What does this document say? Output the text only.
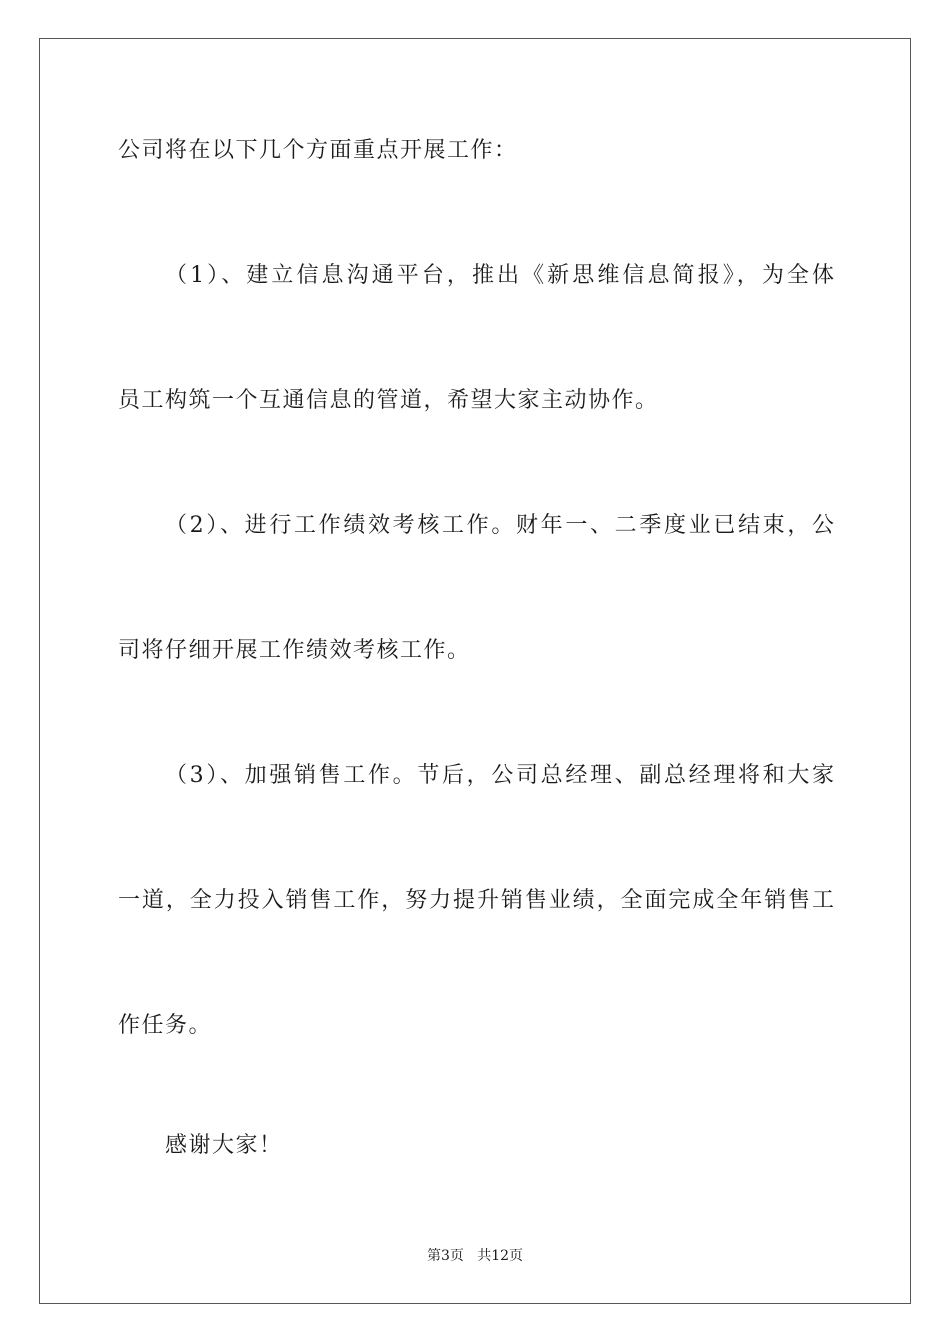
公司将在以下几个方面重点开展工作：
（1）、建立信息沟通平台，推出《新思维信息简报》，为全体
员工构筑一个互通信息的管道，希望大家主动协作。
（2）、进行工作绩效考核工作。财年一、二季度业已结束，公
司将仔细开展工作绩效考核工作。
（3）、加强销售工作。节后，公司总经理、副总经理将和大家
一道，全力投入销售工作，努力提升销售业绩，全面完成全年销售工
作任务。
感谢大家！
第3页   共12页
